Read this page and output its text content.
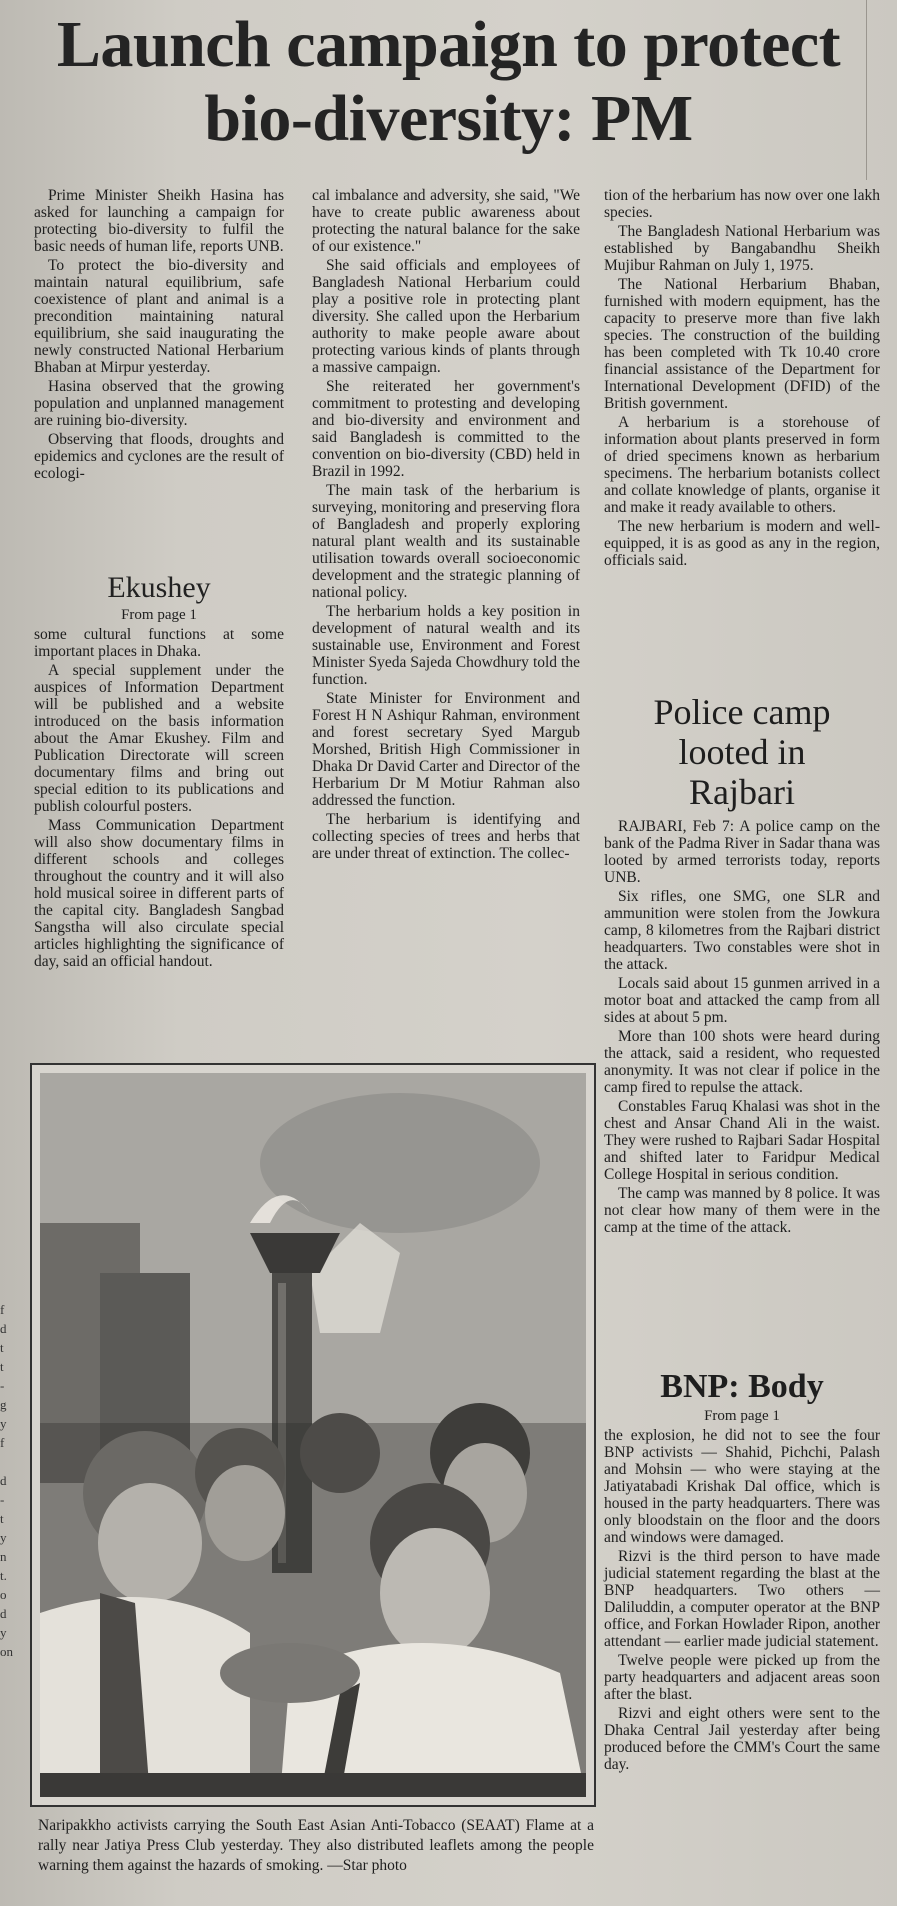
Launch campaign to protect
bio-diversity: PM

Prime Minister Sheikh Hasina has asked for launching a campaign for protecting bio-diversity to fulfil the basic needs of human life, reports UNB.

To protect the bio-diversity and maintain natural equilibrium, safe coexistence of plant and animal is a precondition maintaining natural equilibrium, she said inaugurating the newly constructed National Herbarium Bhaban at Mirpur yesterday.

Hasina observed that the growing population and unplanned management are ruining bio-diversity.

Observing that floods, droughts and epidemics and cyclones are the result of ecologi-

Ekushey
From page 1

some cultural functions at some important places in Dhaka.

A special supplement under the auspices of Information Department will be published and a website introduced on the basis information about the Amar Ekushey. Film and Publication Directorate will screen documentary films and bring out special edition to its publications and publish colourful posters.

Mass Communication Department will also show documentary films in different schools and colleges throughout the country and it will also hold musical soiree in different parts of the capital city. Bangladesh Sangbad Sangstha will also circulate special articles highlighting the significance of day, said an official handout.

cal imbalance and adversity, she said, "We have to create public awareness about protecting the natural balance for the sake of our existence."

She said officials and employees of Bangladesh National Herbarium could play a positive role in protecting plant diversity. She called upon the Herbarium authority to make people aware about protecting various kinds of plants through a massive campaign.

She reiterated her government's commitment to protesting and developing and bio-diversity and environment and said Bangladesh is committed to the convention on bio-diversity (CBD) held in Brazil in 1992.

The main task of the herbarium is surveying, monitoring and preserving flora of Bangladesh and properly exploring natural plant wealth and its sustainable utilisation towards overall socioeconomic development and the strategic planning of national policy.

The herbarium holds a key position in development of natural wealth and its sustainable use, Environment and Forest Minister Syeda Sajeda Chowdhury told the function.

State Minister for Environment and Forest H N Ashiqur Rahman, environment and forest secretary Syed Margub Morshed, British High Commissioner in Dhaka Dr David Carter and Director of the Herbarium Dr M Motiur Rahman also addressed the function.

The herbarium is identifying and collecting species of trees and herbs that are under threat of extinction. The collec-

tion of the herbarium has now over one lakh species.

The Bangladesh National Herbarium was established by Bangabandhu Sheikh Mujibur Rahman on July 1, 1975.

The National Herbarium Bhaban, furnished with modern equipment, has the capacity to preserve more than five lakh species. The construction of the building has been completed with Tk 10.40 crore financial assistance of the Department for International Development (DFID) of the British government.

A herbarium is a storehouse of information about plants preserved in form of dried specimens known as herbarium specimens. The herbarium botanists collect and collate knowledge of plants, organise it and make it ready available to others.

The new herbarium is modern and well-equipped, it is as good as any in the region, officials said.

Police camp
looted in
Rajbari

RAJBARI, Feb 7: A police camp on the bank of the Padma River in Sadar thana was looted by armed terrorists today, reports UNB.

Six rifles, one SMG, one SLR and ammunition were stolen from the Jowkura camp, 8 kilometres from the Rajbari district headquarters. Two constables were shot in the attack.

Locals said about 15 gunmen arrived in a motor boat and attacked the camp from all sides at about 5 pm.

More than 100 shots were heard during the attack, said a resident, who requested anonymity. It was not clear if police in the camp fired to repulse the attack.

Constables Faruq Khalasi was shot in the chest and Ansar Chand Ali in the waist. They were rushed to Rajbari Sadar Hospital and shifted later to Faridpur Medical College Hospital in serious condition.

The camp was manned by 8 police. It was not clear how many of them were in the camp at the time of the attack.

BNP: Body
From page 1

the explosion, he did not to see the four BNP activists — Shahid, Pichchi, Palash and Mohsin — who were staying at the Jatiyatabadi Krishak Dal office, which is housed in the party headquarters. There was only bloodstain on the floor and the doors and windows were damaged.

Rizvi is the third person to have made judicial statement regarding the blast at the BNP headquarters. Two others — Daliluddin, a computer operator at the BNP office, and Forkan Howlader Ripon, another attendant — earlier made judicial statement.

Twelve people were picked up from the party headquarters and adjacent areas soon after the blast.

Rizvi and eight others were sent to the Dhaka Central Jail yesterday after being produced before the CMM's Court the same day.

Naripakkho activists carrying the South East Asian Anti-Tobacco (SEAAT) Flame at a rally near Jatiya Press Club yesterday. They also distributed leaflets among the people warning them against the hazards of smoking. —Star photo
f
d
t
t
-
g
y
f
d
-
t
y
n
t.
o
d
y
on
